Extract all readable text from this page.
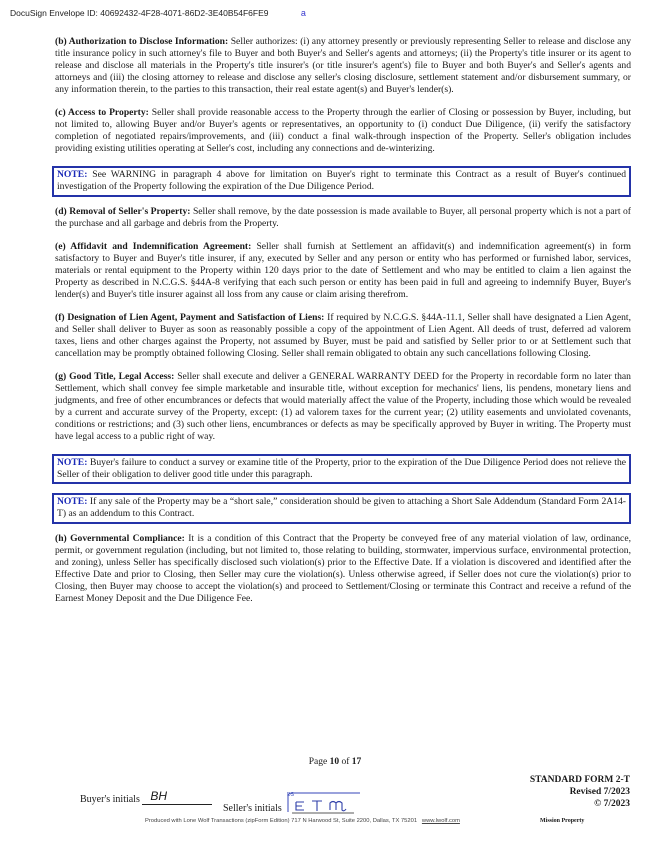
DocuSign Envelope ID: 40692432-4F28-4071-86D2-3E40B54F6FE9	a

(b) Authorization to Disclose Information: Seller authorizes: (i) any attorney presently or previously representing Seller to release and disclose any title insurance policy in such attorney's file to Buyer and both Buyer's and Seller's agents and attorneys; (ii) the Property's title insurer or its agent to release and disclose all materials in the Property's title insurer's (or title insurer's agent's) file to Buyer and both Buyer's and Seller's agents and attorneys and (iii) the closing attorney to release and disclose any seller's closing disclosure, settlement statement and/or disbursement summary, or any information therein, to the parties to this transaction, their real estate agent(s) and Buyer's lender(s).

(c) Access to Property: Seller shall provide reasonable access to the Property through the earlier of Closing or possession by Buyer, including, but not limited to, allowing Buyer and/or Buyer's agents or representatives, an opportunity to (i) conduct Due Diligence, (ii) verify the satisfactory completion of negotiated repairs/improvements, and (iii) conduct a final walk-through inspection of the Property. Seller's obligation includes providing existing utilities operating at Seller's cost, including any connections and de-winterizing.

NOTE: See WARNING in paragraph 4 above for limitation on Buyer's right to terminate this Contract as a result of Buyer's continued investigation of the Property following the expiration of the Due Diligence Period.

(d) Removal of Seller's Property: Seller shall remove, by the date possession is made available to Buyer, all personal property which is not a part of the purchase and all garbage and debris from the Property.

(e) Affidavit and Indemnification Agreement: Seller shall furnish at Settlement an affidavit(s) and indemnification agreement(s) in form satisfactory to Buyer and Buyer's title insurer, if any, executed by Seller and any person or entity who has performed or furnished labor, services, materials or rental equipment to the Property within 120 days prior to the date of Settlement and who may be entitled to claim a lien against the Property as described in N.C.G.S. §44A-8 verifying that each such person or entity has been paid in full and agreeing to indemnify Buyer, Buyer's lender(s) and Buyer's title insurer against all loss from any cause or claim arising therefrom.

(f) Designation of Lien Agent, Payment and Satisfaction of Liens: If required by N.C.G.S. §44A-11.1, Seller shall have designated a Lien Agent, and Seller shall deliver to Buyer as soon as reasonably possible a copy of the appointment of Lien Agent. All deeds of trust, deferred ad valorem taxes, liens and other charges against the Property, not assumed by Buyer, must be paid and satisfied by Seller prior to or at Settlement such that cancellation may be promptly obtained following Closing. Seller shall remain obligated to obtain any such cancellations following Closing.

(g) Good Title, Legal Access: Seller shall execute and deliver a GENERAL WARRANTY DEED for the Property in recordable form no later than Settlement, which shall convey fee simple marketable and insurable title, without exception for mechanics' liens, lis pendens, monetary liens and judgments, and free of other encumbrances or defects that would materially affect the value of the Property, including those which would be revealed by a current and accurate survey of the Property, except: (1) ad valorem taxes for the current year; (2) utility easements and unviolated covenants, conditions or restrictions; and (3) such other liens, encumbrances or defects as may be specifically approved by Buyer in writing. The Property must have legal access to a public right of way.

NOTE: Buyer's failure to conduct a survey or examine title of the Property, prior to the expiration of the Due Diligence Period does not relieve the Seller of their obligation to deliver good title under this paragraph.
NOTE: If any sale of the Property may be a “short sale,” consideration should be given to attaching a Short Sale Addendum (Standard Form 2A14-T) as an addendum to this Contract.

(h) Governmental Compliance: It is a condition of this Contract that the Property be conveyed free of any material violation of law, ordinance, permit, or government regulation (including, but not limited to, those relating to building, stormwater, impervious surface, environmental protection, and zoning), unless Seller has specifically disclosed such violation(s) prior to the Effective Date. If a violation is discovered and identified after the Effective Date and prior to Closing, then Seller may cure the violation(s). Unless otherwise agreed, if Seller does not cure the violation(s) prior to Closing, then Buyer may choose to accept the violation(s) and proceed to Settlement/Closing or terminate this Contract and receive a refund of the Earnest Money Deposit and the Due Diligence Fee.

Page 10 of 17
STANDARD FORM 2-T
Revised 7/2023
© 7/2023
Buyer's initials BH
Seller's initials
DS
Produced with Lone Wolf Transactions (zipForm Edition) 717 N Harwood St, Suite 2200, Dallas, TX 75201 www.lwolf.com	Mission Property
